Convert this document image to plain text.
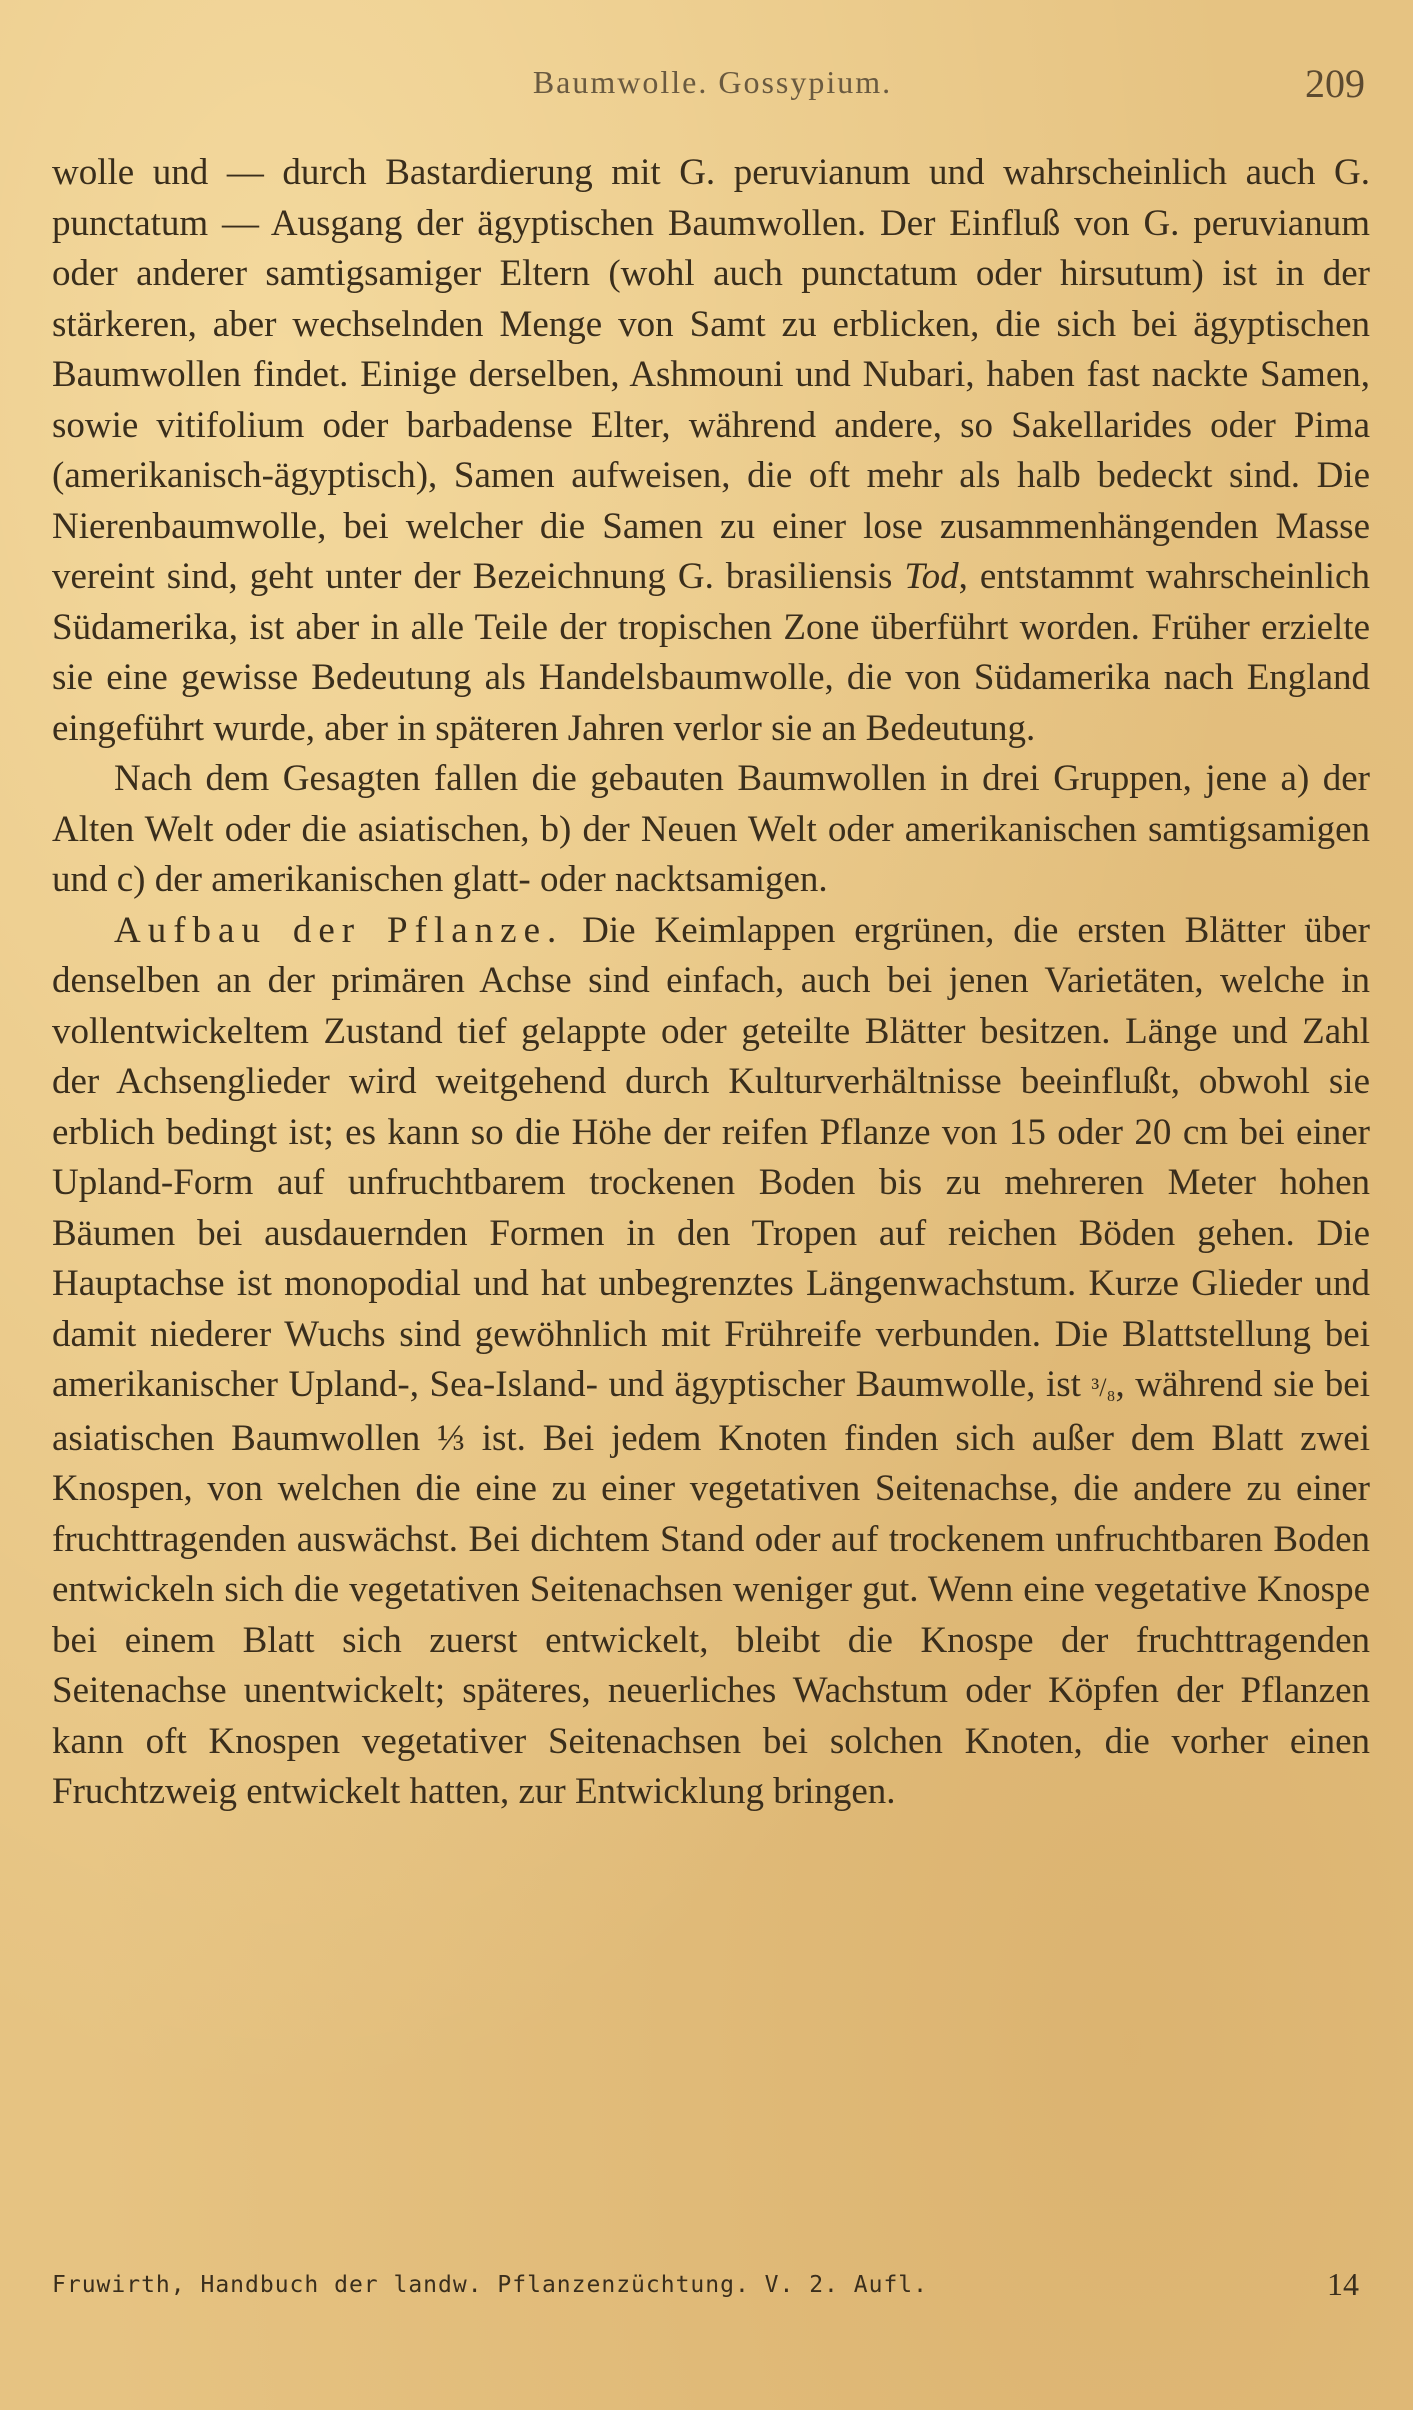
Baumwolle. Gossypium.	209

wolle und — durch Bastardierung mit G. peruvianum und wahrscheinlich auch G. punctatum — Ausgang der ägyptischen Baumwollen. Der Einfluß von G. peruvianum oder anderer samtigsamiger Eltern (wohl auch punctatum oder hirsutum) ist in der stärkeren, aber wechselnden Menge von Samt zu erblicken, die sich bei ägyptischen Baumwollen findet. Einige derselben, Ashmouni und Nubari, haben fast nackte Samen, sowie vitifolium oder barbadense Elter, während andere, so Sakellarides oder Pima (amerikanisch-ägyptisch), Samen aufweisen, die oft mehr als halb bedeckt sind. Die Nierenbaumwolle, bei welcher die Samen zu einer lose zusammenhängenden Masse vereint sind, geht unter der Bezeichnung G. brasiliensis Tod, entstammt wahrscheinlich Südamerika, ist aber in alle Teile der tropischen Zone überführt worden. Früher erzielte sie eine gewisse Bedeutung als Handelsbaumwolle, die von Südamerika nach England eingeführt wurde, aber in späteren Jahren verlor sie an Bedeutung.

Nach dem Gesagten fallen die gebauten Baumwollen in drei Gruppen, jene a) der Alten Welt oder die asiatischen, b) der Neuen Welt oder amerikanischen samtigsamigen und c) der amerikanischen glatt- oder nacktsamigen.

Aufbau der Pflanze. Die Keimlappen ergrünen, die ersten Blätter über denselben an der primären Achse sind einfach, auch bei jenen Varietäten, welche in vollentwickeltem Zustand tief gelappte oder geteilte Blätter besitzen. Länge und Zahl der Achsenglieder wird weitgehend durch Kulturverhältnisse beeinflußt, obwohl sie erblich bedingt ist; es kann so die Höhe der reifen Pflanze von 15 oder 20 cm bei einer Upland-Form auf unfruchtbarem trockenen Boden bis zu mehreren Meter hohen Bäumen bei ausdauernden Formen in den Tropen auf reichen Böden gehen. Die Hauptachse ist monopodial und hat unbegrenztes Längenwachstum. Kurze Glieder und damit niederer Wuchs sind gewöhnlich mit Frühreife verbunden. Die Blattstellung bei amerikanischer Upland-, Sea-Island- und ägyptischer Baumwolle, ist ³/₈, während sie bei asiatischen Baumwollen ⅓ ist. Bei jedem Knoten finden sich außer dem Blatt zwei Knospen, von welchen die eine zu einer vegetativen Seitenachse, die andere zu einer fruchttragenden auswächst. Bei dichtem Stand oder auf trockenem unfruchtbaren Boden entwickeln sich die vegetativen Seitenachsen weniger gut. Wenn eine vegetative Knospe bei einem Blatt sich zuerst entwickelt, bleibt die Knospe der fruchttragenden Seitenachse unentwickelt; späteres, neuerliches Wachstum oder Köpfen der Pflanzen kann oft Knospen vegetativer Seitenachsen bei solchen Knoten, die vorher einen Fruchtzweig entwickelt hatten, zur Entwicklung bringen.

Fruwirth, Handbuch der landw. Pflanzenzüchtung. V. 2. Aufl.	14
